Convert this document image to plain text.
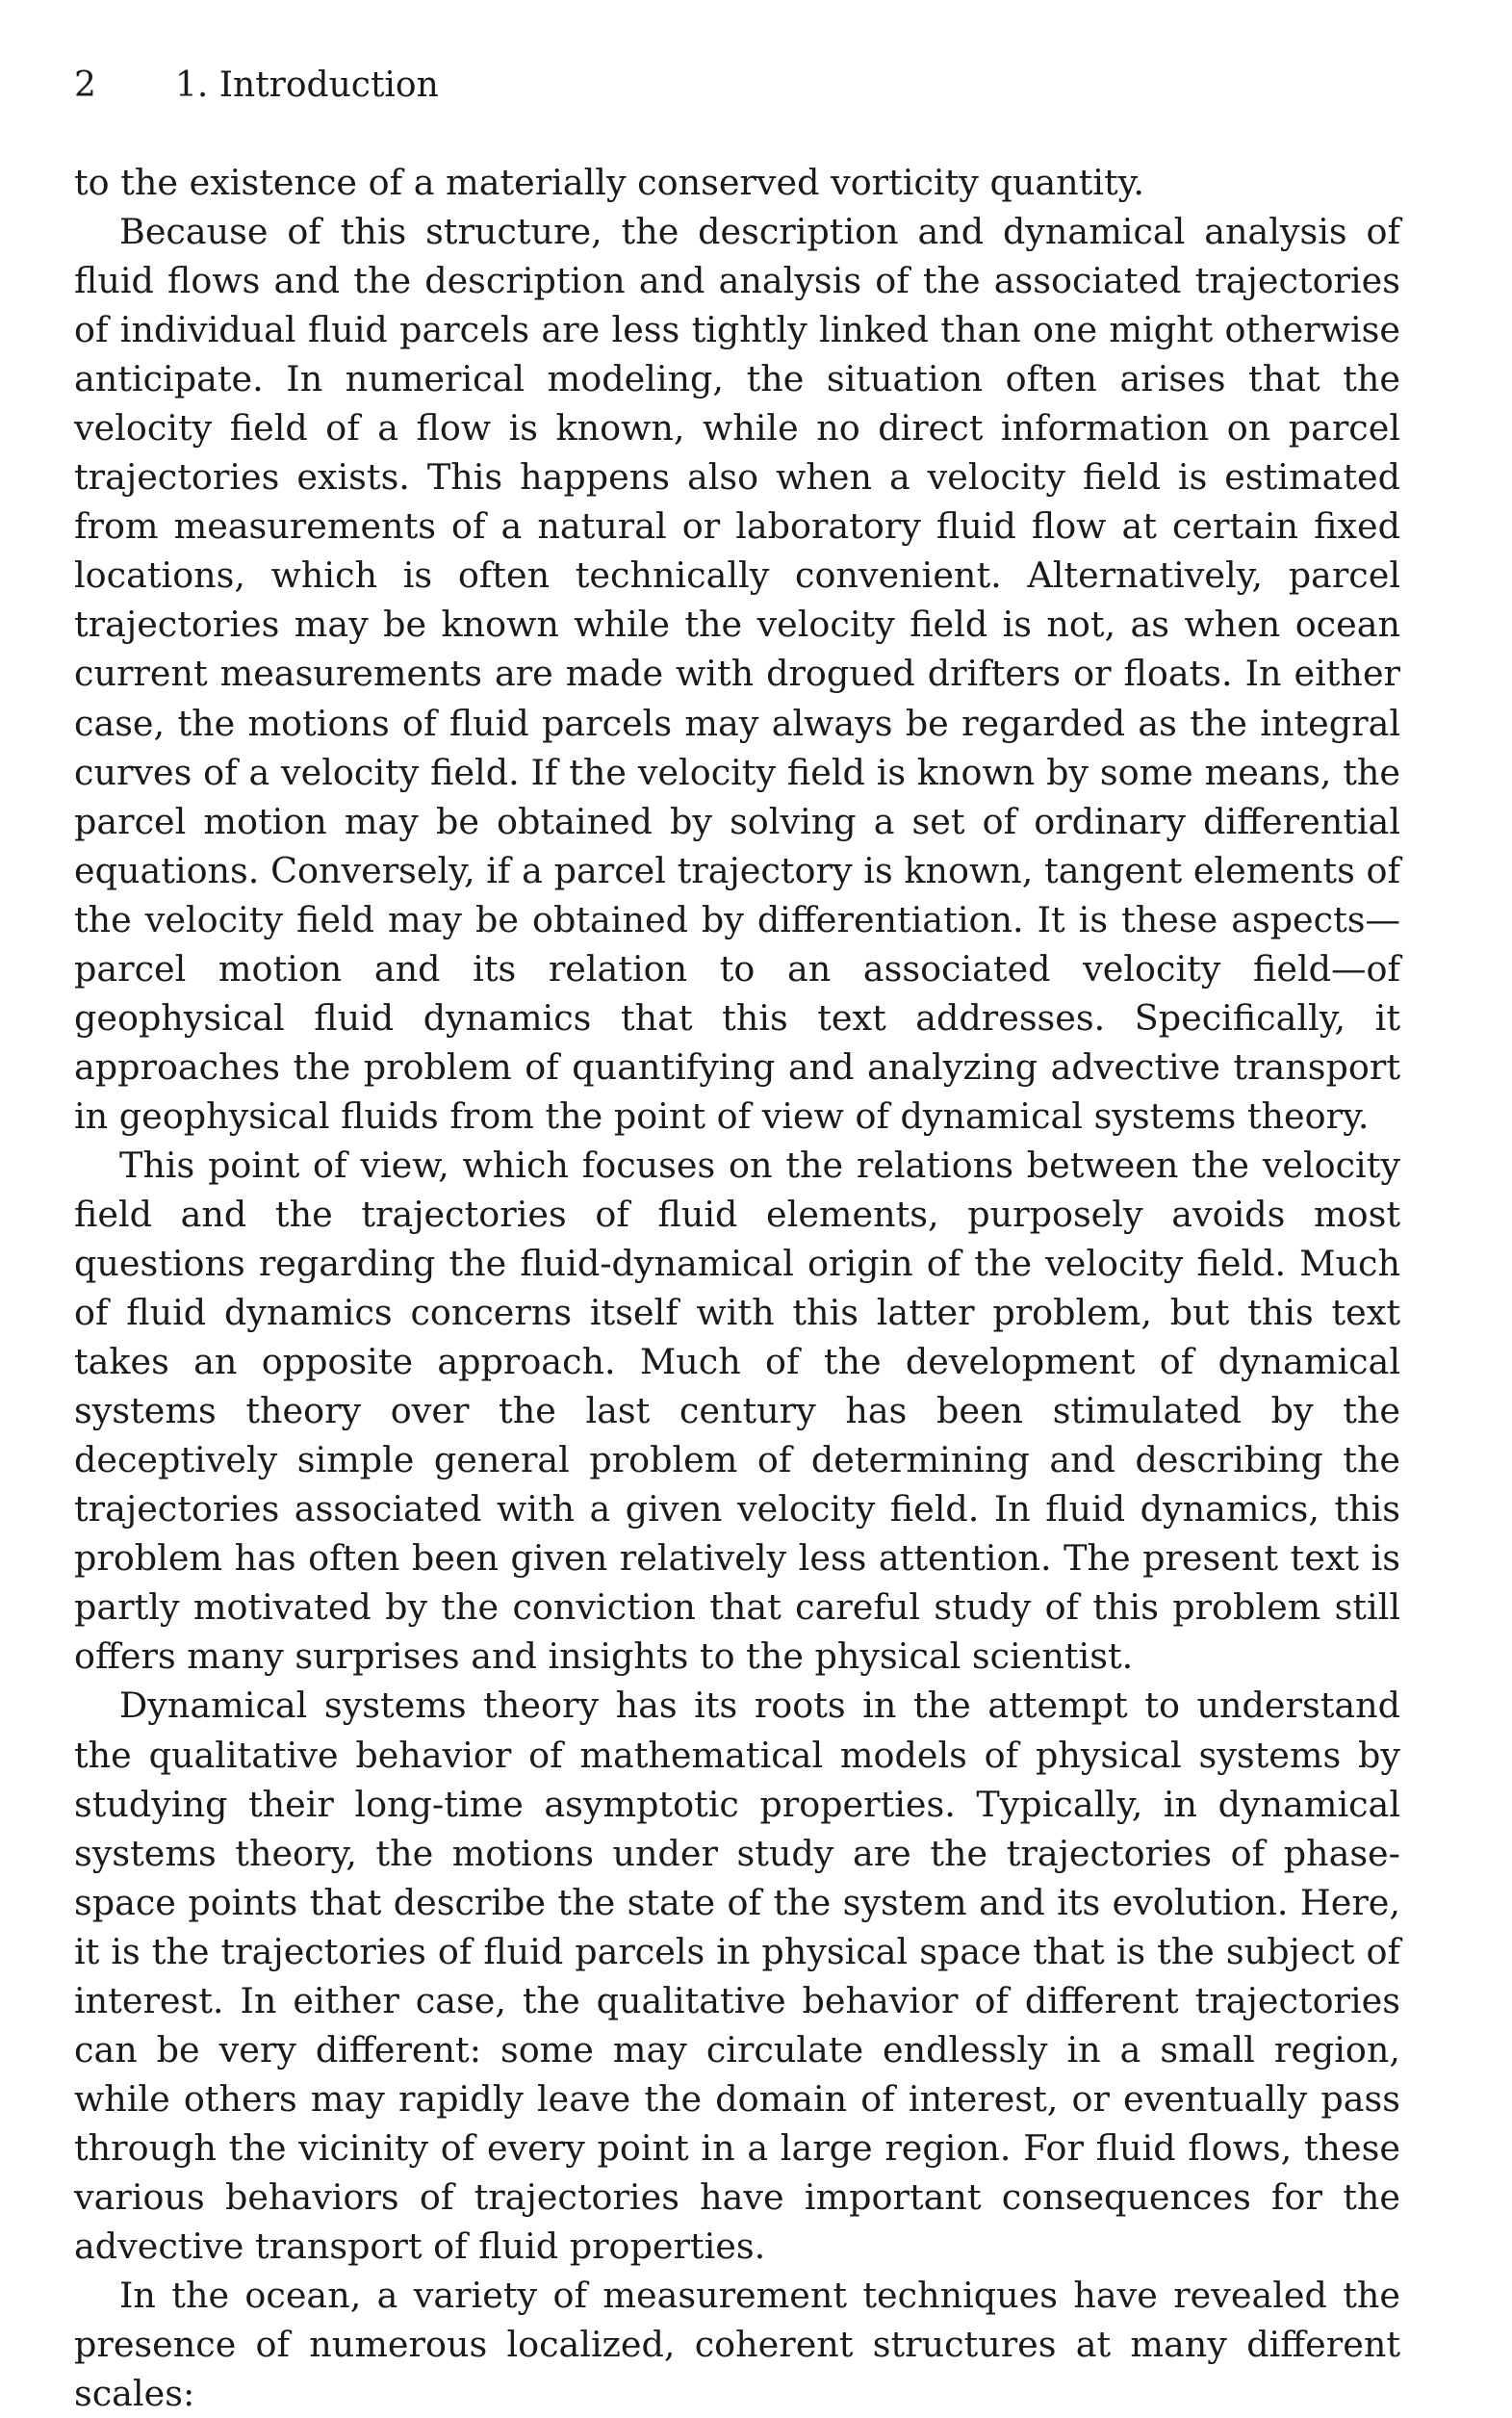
2 1. Introduction

to the existence of a materially conserved vorticity quantity.

Because of this structure, the description and dynamical analysis of fluid flows and the description and analysis of the associated trajectories of individual fluid parcels are less tightly linked than one might otherwise anticipate. In numerical modeling, the situation often arises that the velocity field of a flow is known, while no direct information on parcel trajectories exists. This happens also when a velocity field is estimated from measurements of a natural or laboratory fluid flow at certain fixed locations, which is often technically convenient. Alternatively, parcel trajectories may be known while the velocity field is not, as when ocean current measurements are made with drogued drifters or floats. In either case, the motions of fluid parcels may always be regarded as the integral curves of a velocity field. If the velocity field is known by some means, the parcel motion may be obtained by solving a set of ordinary differential equations. Conversely, if a parcel trajectory is known, tangent elements of the velocity field may be obtained by differentiation. It is these aspects—parcel motion and its relation to an associated velocity field—of geophysical fluid dynamics that this text addresses. Specifically, it approaches the problem of quantifying and analyzing advective transport in geophysical fluids from the point of view of dynamical systems theory.

This point of view, which focuses on the relations between the velocity field and the trajectories of fluid elements, purposely avoids most questions regarding the fluid-dynamical origin of the velocity field. Much of fluid dynamics concerns itself with this latter problem, but this text takes an opposite approach. Much of the development of dynamical systems theory over the last century has been stimulated by the deceptively simple general problem of determining and describing the trajectories associated with a given velocity field. In fluid dynamics, this problem has often been given relatively less attention. The present text is partly motivated by the conviction that careful study of this problem still offers many surprises and insights to the physical scientist.

Dynamical systems theory has its roots in the attempt to understand the qualitative behavior of mathematical models of physical systems by studying their long-time asymptotic properties. Typically, in dynamical systems theory, the motions under study are the trajectories of phase-space points that describe the state of the system and its evolution. Here, it is the trajectories of fluid parcels in physical space that is the subject of interest. In either case, the qualitative behavior of different trajectories can be very different: some may circulate endlessly in a small region, while others may rapidly leave the domain of interest, or eventually pass through the vicinity of every point in a large region. For fluid flows, these various behaviors of trajectories have important consequences for the advective transport of fluid properties.

In the ocean, a variety of measurement techniques have revealed the presence of numerous localized, coherent structures at many different scales:
